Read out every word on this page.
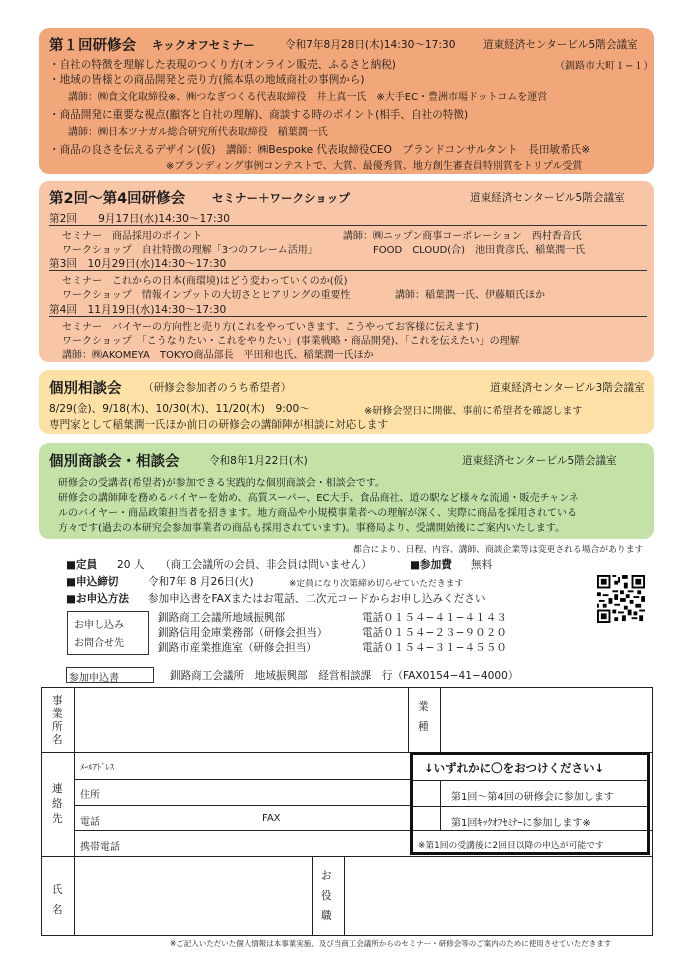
第１回研修会 キックオフセミナー	令和7年8月28日(木)14:30～17:30	道東経済センタービル5階会議室
（釧路市大町１−１）
・自社の特徴を理解した表現のつくり方(オンライン販売、ふるさと納税)
・地域の皆様との商品開発と売り方(熊本県の地域商社の事例から)
講師：㈱食文化取締役※、㈱つなぎつくる代表取締役　井上真一氏　※大手EC・豊洲市場ドットコムを運営
・商品開発に重要な視点(顧客と自社の理解)、商談する時のポイント(相手、自社の特徴)
講師：㈱日本ツナガル総合研究所代表取締役　稲葉潤一氏
・商品の良さを伝えるデザイン(仮)　講師：㈱Bespoke 代表取締役CEO　ブランドコンサルタント　長田敏希氏※
※ブランディング事例コンテストで、大賞、最優秀賞、地方創生審査員特別賞をトリプル受賞
第2回～第4回研修会 セミナー＋ワークショップ	道東経済センタービル5階会議室
第2回　　9月17日(水)14:30～17:30
セミナー　商品採用のポイント	講師：㈱ニップン商事コーポレーション　西村香音氏
ワークショップ　自社特徴の理解「3つのフレーム活用」	FOOD　CLOUD(合)　池田貴彦氏、稲葉潤一氏
第3回　10月29日(水)14:30～17:30
セミナー　これからの日本(商環境)はどう変わっていくのか(仮)
ワークショップ　情報インプットの大切さとヒアリングの重要性	講師：稲葉潤一氏、伊藤順氏ほか
第4回　11月19日(水)14:30～17:30
セミナー　バイヤーの方向性と売り方(これをやっていきます、こうやってお客様に伝えます)
ワークショップ　「こうなりたい・これをやりたい」(事業戦略・商品開発)、「これを伝えたい」の理解
講師：㈱AKOMEYA　TOKYO商品部長　平田和也氏、稲葉潤一氏ほか
個別相談会 （研修会参加者のうち希望者）	道東経済センタービル3階会議室
8/29(金)、9/18(木)、10/30(木)、11/20(木)　9:00～	※研修会翌日に開催、事前に希望者を確認します
専門家として稲葉潤一氏ほか前日の研修会の講師陣が相談に対応します
個別商談会・相談会	令和8年1月22日(木)	道東経済センタービル5階会議室
研修会の受講者(希望者)が参加できる実践的な個別商談会・相談会です。
研修会の講師陣を務めるバイヤーを始め、高質スーパー、EC大手、食品商社、道の駅など様々な流通・販売チャンネ
ルのバイヤー・商品政策担当者を招きます。地方商品や小規模事業者への理解が深く、実際に商品を採用されている
方々です(過去の本研究会参加事業者の商品も採用されています)。事務局より、受講開始後にご案内いたします。
都合により、日程、内容、講師、商談企業等は変更される場合があります
■定員 20 人 （商工会議所の会員、非会員は問いません）	■参加費 無料
■申込締切	令和7年 8 月26日(火)	※定員になり次第締め切らせていただきます
■お申込方法 参加申込書をFAXまたはお電話、二次元コードからお申し込みください
お申し込み
お問合せ先
釧路商工会議所地域振興部	電話０１５４−４１−４１４３
釧路信用金庫業務部（研修会担当）	電話０１５４−２３−９０２０
釧路市産業推進室（研修会担当）	電話０１５４−３１−４５５０
参加申込書	釧路商工会議所　地域振興部　経営相談課　行（FAX0154−41−4000）
事業所名
業種
連絡先
ﾒｰﾙｱﾄﾞﾚｽ
住所
電話	FAX
携帯電話
↓いずれかに〇をおつけください↓
第1回～第4回の研修会に参加します
第1回ｷｯｸｵﾌｾﾐﾅｰに参加します※
※第1回の受講後に2回目以降の申込が可能です
氏名
お役職
※ご記入いただいた個人情報は本事業実施、及び当商工会議所からのセミナー・研修会等のご案内のために使用させていただきます
